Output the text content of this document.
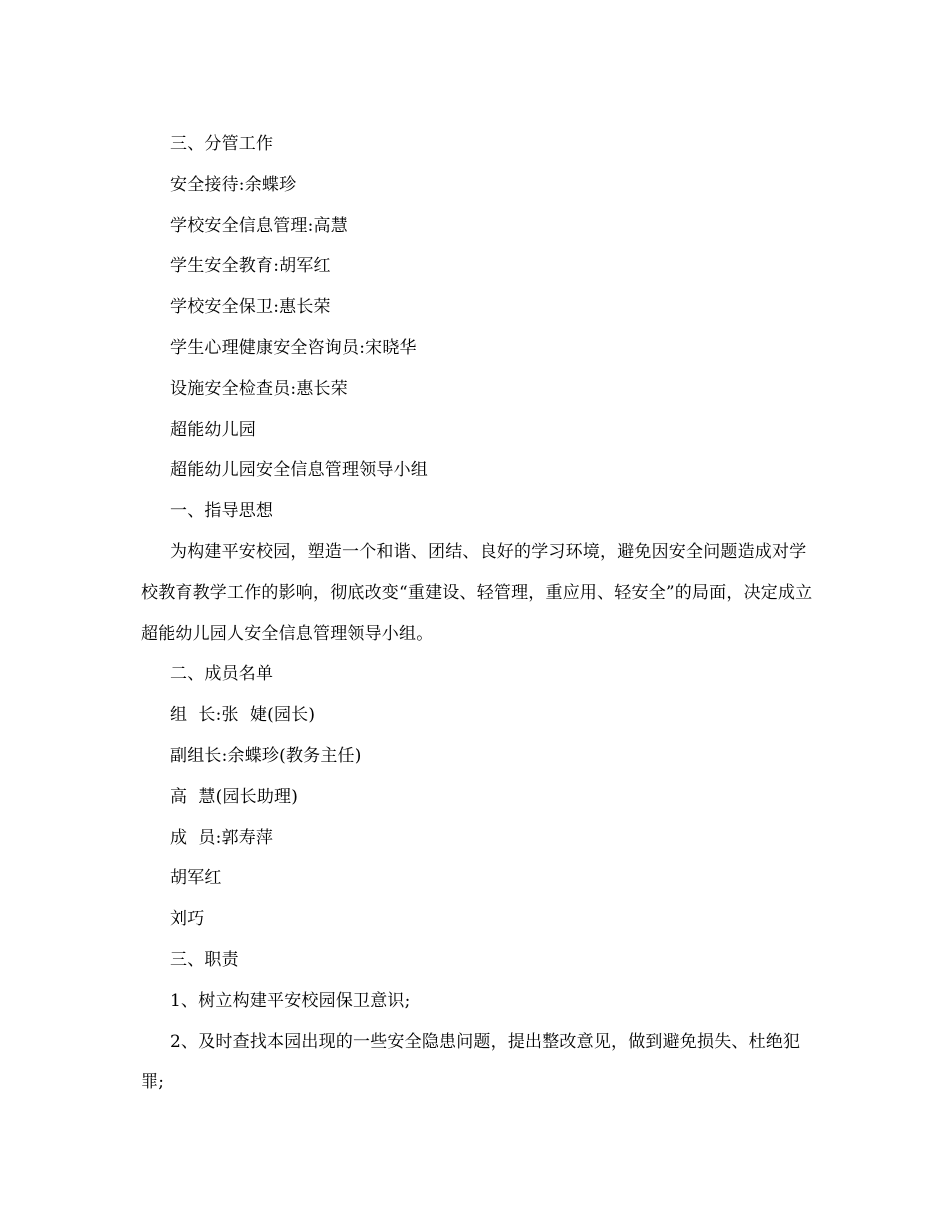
三、分管工作

安全接待:余蝶珍

学校安全信息管理:高慧

学生安全教育:胡军红

学校安全保卫:惠长荣

学生心理健康安全咨询员:宋晓华

设施安全检查员:惠长荣

超能幼儿园

超能幼儿园安全信息管理领导小组

一、指导思想

为构建平安校园，塑造一个和谐、团结、良好的学习环境，避免因安全问题造成对学校教育教学工作的影响，彻底改变“重建设、轻管理，重应用、轻安全”的局面，决定成立超能幼儿园人安全信息管理领导小组。

二、成员名单

组  长:张  婕(园长)

副组长:余蝶珍(教务主任)

高  慧(园长助理)

成  员:郭寿萍

胡军红

刘巧

三、职责

1、树立构建平安校园保卫意识;

2、及时查找本园出现的一些安全隐患问题，提出整改意见，做到避免损失、杜绝犯罪;
